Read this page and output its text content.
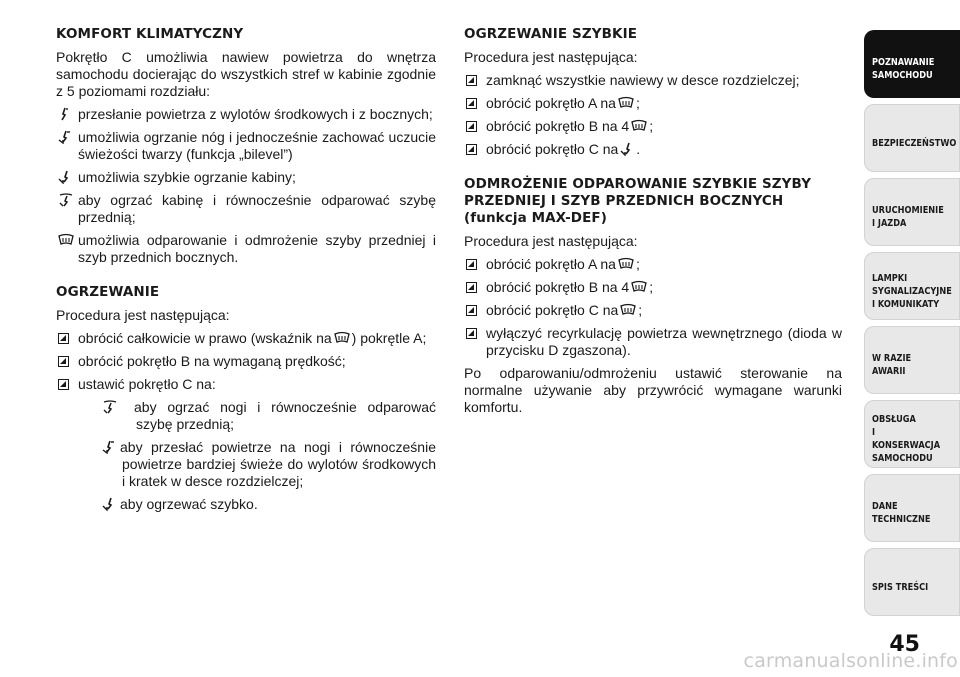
KOMFORT KLIMATYCZNY
Pokrętło C umożliwia nawiew powietrza do wnętrza samochodu docierając do wszystkich stref w kabinie zgodnie z 5 poziomami rozdziału:
przesłanie powietrza z wylotów środkowych i z bocznych;
umożliwia ogrzanie nóg i jednocześnie zachować uczucie świeżości twarzy (funkcja „bilevel”)
umożliwia szybkie ogrzanie kabiny;
aby ogrzać kabinę i równocześnie odparować szybę przednią;
umożliwia odparowanie i odmrożenie szyby przedniej i szyb przednich bocznych.
OGRZEWANIE
Procedura jest następująca:
obrócić całkowicie w prawo (wskaźnik na ) pokrętle A;
obrócić pokrętło B na wymaganą prędkość;
ustawić pokrętło C na:
aby ogrzać nogi i równocześnie odparować szybę przednią;
aby przesłać powietrze na nogi i równocześnie powietrze bardziej świeże do wylotów środkowych i kratek w desce rozdzielczej;
aby ogrzewać szybko.
OGRZEWANIE SZYBKIE
Procedura jest następująca:
zamknąć wszystkie nawiewy w desce rozdzielczej;
obrócić pokrętło A na ;
obrócić pokrętło B na 4 ;
obrócić pokrętło C na .
ODMROŻENIE ODPAROWANIE SZYBKIE SZYBY PRZEDNIEJ I SZYB PRZEDNICH BOCZNYCH
(funkcja MAX-DEF)
Procedura jest następująca:
obrócić pokrętło A na ;
obrócić pokrętło B na 4 ;
obrócić pokrętło C na ;
wyłączyć recyrkulację powietrza wewnętrznego (dioda w przycisku D zgaszona).
Po odparowaniu/odmrożeniu ustawić sterowanie na normalne używanie aby przywrócić wymagane warunki komfortu.
POZNAWANIE
SAMOCHODU
BEZPIECZEŃSTWO
URUCHOMIENIE
I JAZDA
LAMPKI
SYGNALIZACYJNE
I KOMUNIKATY
W RAZIE AWARII
OBSŁUGA
I KONSERWACJA
SAMOCHODU
DANE
TECHNICZNE
SPIS TREŚCI
45
carmanualsonline.info
